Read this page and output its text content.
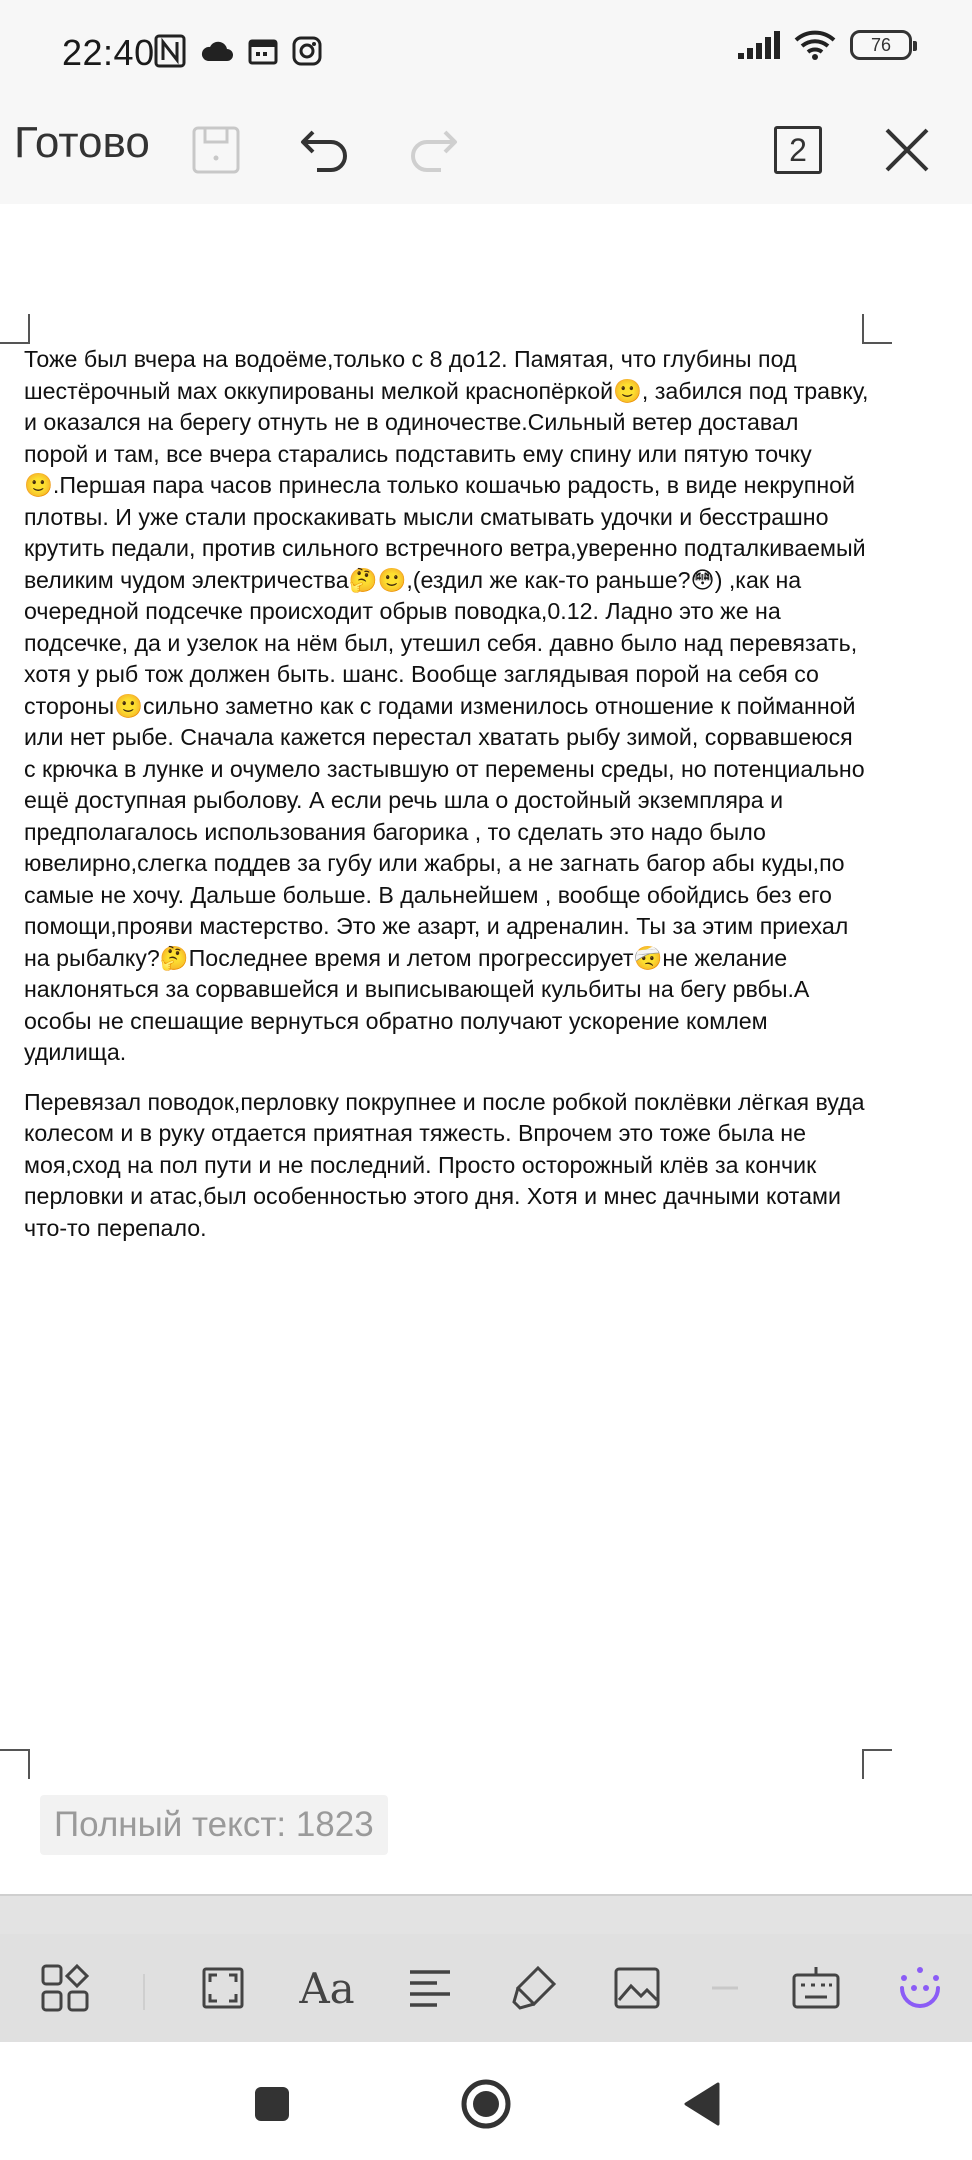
22:40	76
Готово	2

Тоже был вчера на водоёме,только с 8 до12. Памятая, что глубины под шестёрочный мах оккупированы мелкой краснопёркой🙂, забился под травку, и оказался на берегу отнуть не в одиночестве.Сильный ветер доставал порой и там, все вчера старались подставить ему спину или пятую точку🙂.Першая пара часов принесла только кошачью радость, в виде некрупной плотвы. И уже стали проскакивать мысли сматывать удочки и бесстрашно крутить педали, против сильного встречного ветра,уверенно подталкиваемый великим чудом электричества🤔🙂,(ездил же как-то раньше?😳) ,как на очередной подсечке происходит обрыв поводка,0.12. Ладно это же на подсечке, да и узелок на нём был, утешил себя. давно было над перевязать, хотя у рыб тож должен быть. шанс. Вообще заглядывая порой на себя со стороны🙂сильно заметно как с годами изменилось отношение к пойманной или нет рыбе. Сначала кажется перестал хватать рыбу зимой, сорвавшеюся с крючка в лунке и очумело застывшую от перемены среды, но потенциально ещё доступная рыболову. А если речь шла о достойный экземпляра и предполагалось использования багорика , то сделать это надо было ювелирно,слегка поддев за губу или жабры, а не загнать багор абы куды,по самые не хочу. Дальше больше. В дальнейшем , вообще обойдись без его помощи,прояви мастерство. Это же азарт, и адреналин. Ты за этим приехал на рыбалку?🤔Последнее время и летом прогрессирует🤕не желание наклоняться за сорвавшейся и выписывающей кульбиты на бегу рвбы.А особы не спешащие вернуться обратно получают ускорение комлем удилища.

Перевязал поводок,перловку покрупнее и после робкой поклёвки лёгкая вуда колесом и в руку отдается приятная тяжесть. Впрочем это тоже была не моя,сход на пол пути и не последний. Просто осторожный клёв за кончик перловки и атас,был особенностью этого дня. Хотя и мнес дачными котами что-то перепало.

Полный текст: 1823
Aa
